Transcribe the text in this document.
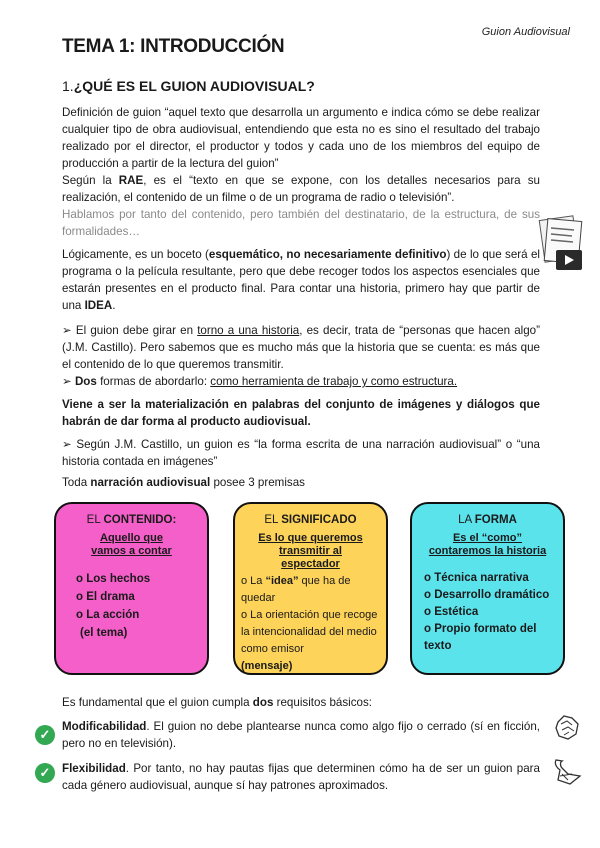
Guion Audiovisual
TEMA 1: INTRODUCCIÓN
1.¿QUÉ ES EL GUION AUDIOVISUAL?
Definición de guion “aquel texto que desarrolla un argumento e indica cómo se debe realizar cualquier tipo de obra audiovisual, entendiendo que esta no es sino el resultado del trabajo realizado por el director, el productor y todos y cada uno de los miembros del equipo de producción a partir de la lectura del guion”
Según la RAE, es el “texto en que se expone, con los detalles necesarios para su realización, el contenido de un filme o de un programa de radio o televisión”.
Hablamos por tanto del contenido, pero también del destinatario, de la estructura, de sus formalidades…
Lógicamente, es un boceto (esquemático, no necesariamente definitivo) de lo que será el programa o la película resultante, pero que debe recoger todos los aspectos esenciales que estarán presentes en el producto final. Para contar una historia, primero hay que partir de una IDEA.
➢ El guion debe girar en torno a una historia, es decir, trata de “personas que hacen algo” (J.M. Castillo). Pero sabemos que es mucho más que la historia que se cuenta: es más que el contenido de lo que queremos transmitir.
➢ Dos formas de abordarlo: como herramienta de trabajo y como estructura.
Viene a ser la materialización en palabras del conjunto de imágenes y diálogos que habrán de dar forma al producto audiovisual.
➢ Según J.M. Castillo, un guion es “la forma escrita de una narración audiovisual” o “una historia contada en imágenes”
Toda narración audiovisual posee 3 premisas
EL CONTENIDO:
Aquello que vamos a contar
o Los hechos
o El drama
o La acción
(el tema)
EL SIGNIFICADO
Es lo que queremos transmitir al espectador
o La “idea” que ha de quedar
o La orientación que recoge la intencionalidad del medio como emisor
(mensaje)
LA FORMA
Es el “como” contaremos la historia
o Técnica narrativa
o Desarrollo dramático
o Estética
o Propio formato del texto
Es fundamental que el guion cumpla dos requisitos básicos:
✓
Modificabilidad. El guion no debe plantearse nunca como algo fijo o cerrado (sí en ficción, pero no en televisión).
✓ Flexibilidad. Por tanto, no hay pautas fijas que determinen cómo ha de ser un guion para cada género audiovisual, aunque sí hay patrones aproximados.
